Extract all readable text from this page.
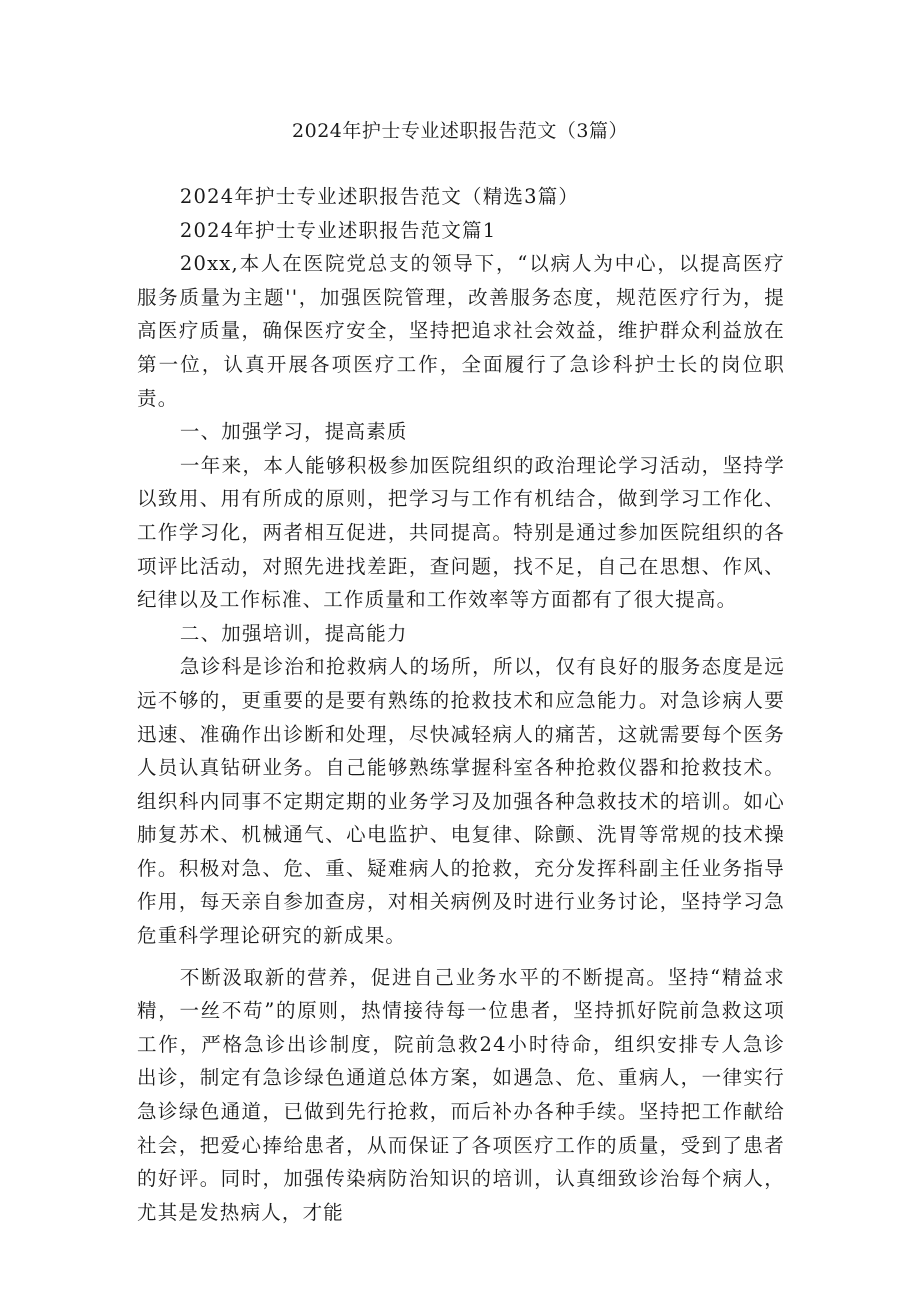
2024年护士专业述职报告范文（3篇）

2024年护士专业述职报告范文（精选3篇）

2024年护士专业述职报告范文篇1

20xx,本人在医院党总支的领导下，“以病人为中心，以提高医疗服务质量为主题''，加强医院管理，改善服务态度，规范医疗行为，提高医疗质量，确保医疗安全，坚持把追求社会效益，维护群众利益放在第一位，认真开展各项医疗工作，全面履行了急诊科护士长的岗位职责。

一、加强学习，提高素质

一年来，本人能够积极参加医院组织的政治理论学习活动，坚持学以致用、用有所成的原则，把学习与工作有机结合，做到学习工作化、工作学习化，两者相互促进，共同提高。特别是通过参加医院组织的各项评比活动，对照先进找差距，查问题，找不足，自己在思想、作风、纪律以及工作标准、工作质量和工作效率等方面都有了很大提高。

二、加强培训，提高能力

急诊科是诊治和抢救病人的场所，所以，仅有良好的服务态度是远远不够的，更重要的是要有熟练的抢救技术和应急能力。对急诊病人要迅速、准确作出诊断和处理，尽快减轻病人的痛苦，这就需要每个医务人员认真钻研业务。自己能够熟练掌握科室各种抢救仪器和抢救技术。组织科内同事不定期定期的业务学习及加强各种急救技术的培训。如心肺复苏术、机械通气、心电监护、电复律、除颤、洗胃等常规的技术操作。积极对急、危、重、疑难病人的抢救，充分发挥科副主任业务指导作用，每天亲自参加查房，对相关病例及时进行业务讨论，坚持学习急危重科学理论研究的新成果。

不断汲取新的营养，促进自己业务水平的不断提高。坚持“精益求精，一丝不苟”的原则，热情接待每一位患者，坚持抓好院前急救这项工作，严格急诊出诊制度，院前急救24小时待命，组织安排专人急诊出诊，制定有急诊绿色通道总体方案，如遇急、危、重病人，一律实行急诊绿色通道，已做到先行抢救，而后补办各种手续。坚持把工作献给社会，把爱心捧给患者，从而保证了各项医疗工作的质量，受到了患者的好评。同时，加强传染病防治知识的培训，认真细致诊治每个病人，尤其是发热病人，才能
